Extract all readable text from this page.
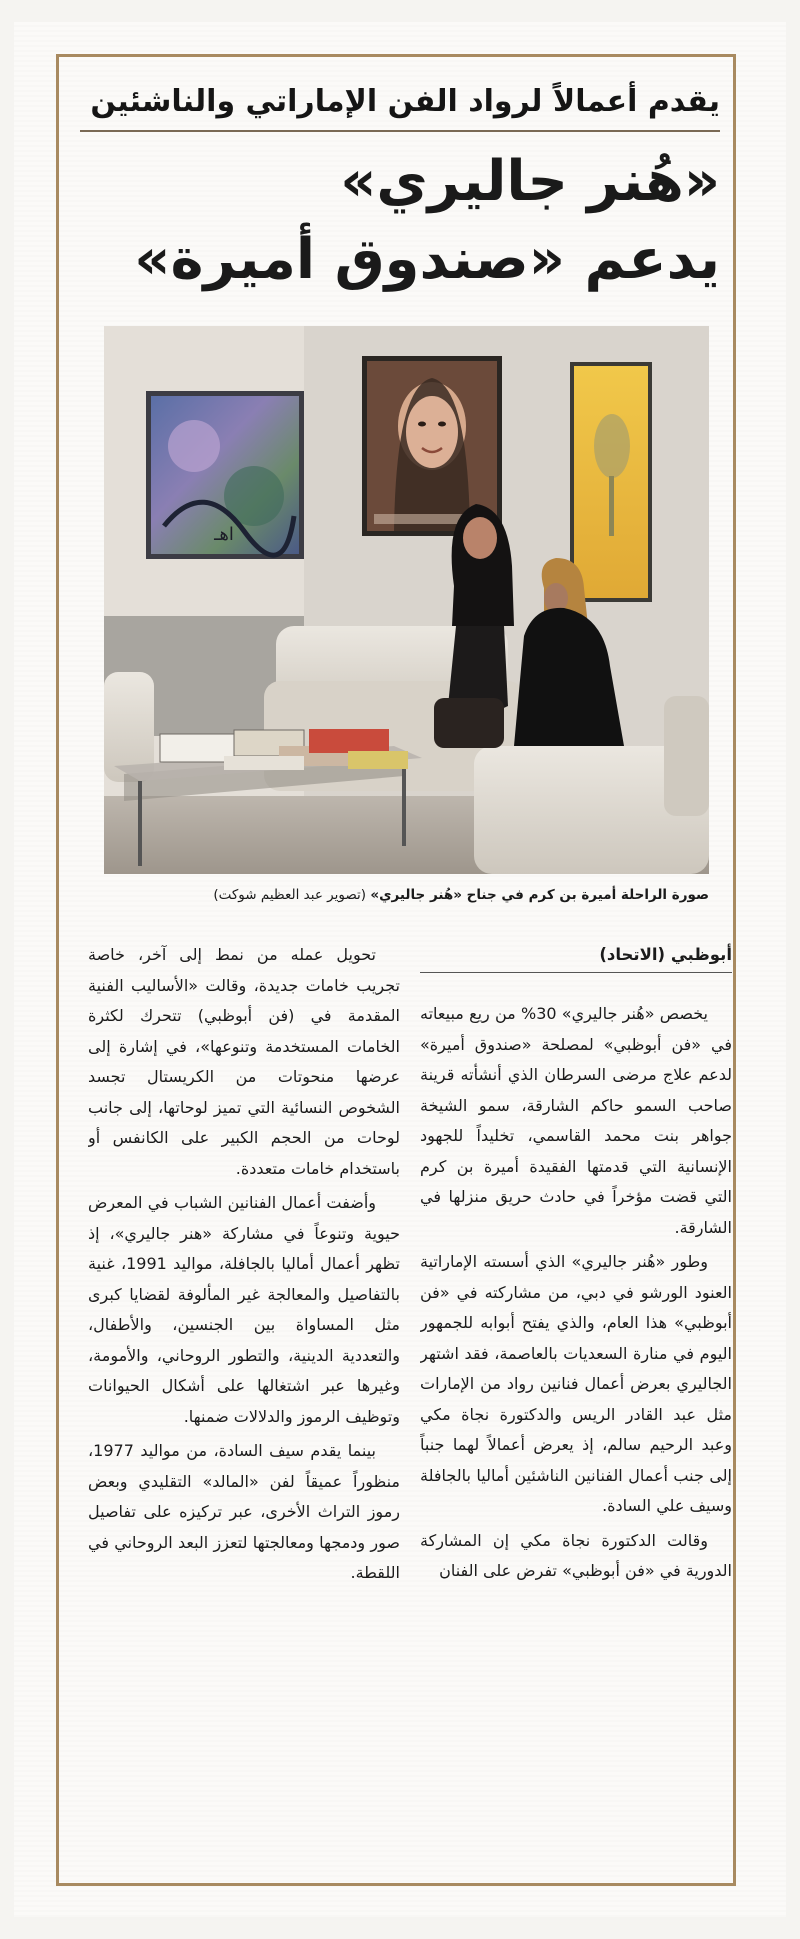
يقدم أعمالاً لرواد الفن الإماراتي والناشئين
«هُنر جاليري»
يدعم «صندوق أميرة»
اهـ
صورة الراحلة أميرة بن كرم في جناح «هُنر جاليري» (تصوير عبد العظيم شوكت)
أبوظبي (الاتحاد)

يخصص «هُنر جاليري» 30% من ريع مبيعاته في «فن أبوظبي» لمصلحة «صندوق أميرة» لدعم علاج مرضى السرطان الذي أنشأته قرينة صاحب السمو حاكم الشارقة، سمو الشيخة جواهر بنت محمد القاسمي، تخليداً للجهود الإنسانية التي قدمتها الفقيدة أميرة بن كرم التي قضت مؤخراً في حادث حريق منزلها في الشارقة.

وطور «هُنر جاليري» الذي أسسته الإماراتية العنود الورشو في دبي، من مشاركته في «فن أبوظبي» هذا العام، والذي يفتح أبوابه للجمهور اليوم في منارة السعديات بالعاصمة، فقد اشتهر الجاليري بعرض أعمال فنانين رواد من الإمارات مثل عبد القادر الريس والدكتورة نجاة مكي وعبد الرحيم سالم، إذ يعرض أعمالاً لهما جنباً إلى جنب أعمال الفنانين الناشئين أماليا بالجافلة وسيف علي السادة.

وقالت الدكتورة نجاة مكي إن المشاركة الدورية في «فن أبوظبي» تفرض على الفنان

تحويل عمله من نمط إلى آخر، خاصة تجريب خامات جديدة، وقالت «الأساليب الفنية المقدمة في (فن أبوظبي) تتحرك لكثرة الخامات المستخدمة وتنوعها»، في إشارة إلى عرضها منحوتات من الكريستال تجسد الشخوص النسائية التي تميز لوحاتها، إلى جانب لوحات من الحجم الكبير على الكانفس أو باستخدام خامات متعددة.

وأضفت أعمال الفنانين الشباب في المعرض حيوية وتنوعاً في مشاركة «هنر جاليري»، إذ تظهر أعمال أماليا بالجافلة، مواليد 1991، غنية بالتفاصيل والمعالجة غير المألوفة لقضايا كبرى مثل المساواة بين الجنسين، والأطفال، والتعددية الدينية، والتطور الروحاني، والأمومة، وغيرها عبر اشتغالها على أشكال الحيوانات وتوظيف الرموز والدلالات ضمنها.

بينما يقدم سيف السادة، من مواليد 1977، منظوراً عميقاً لفن «المالد» التقليدي وبعض رموز التراث الأخرى، عبر تركيزه على تفاصيل صور ودمجها ومعالجتها لتعزز البعد الروحاني في اللقطة.
